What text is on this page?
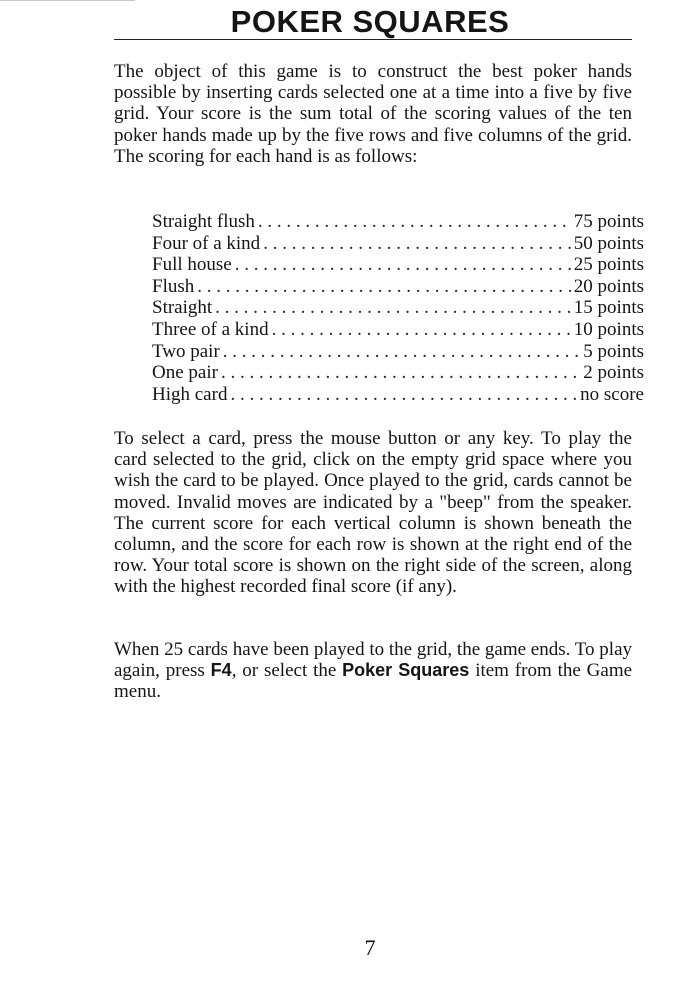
POKER SQUARES

The object of this game is to construct the best poker hands possible by inserting cards selected one at a time into a five by five grid. Your score is the sum total of the scoring values of the ten poker hands made up by the five rows and five columns of the grid. The scoring for each hand is as follows:

Straight flush . . .	75 points
Four of a kind . . .	50 points
Full house . . .	25 points
Flush . . .	20 points
Straight . . .	15 points
Three of a kind . . .	10 points
Two pair . . .	5 points
One pair . . .	2 points
High card . . .	no score

To select a card, press the mouse button or any key. To play the card selected to the grid, click on the empty grid space where you wish the card to be played. Once played to the grid, cards cannot be moved. Invalid moves are indicated by a "beep" from the speaker. The current score for each vertical column is shown beneath the column, and the score for each row is shown at the right end of the row. Your total score is shown on the right side of the screen, along with the highest recorded final score (if any).

When 25 cards have been played to the grid, the game ends. To play again, press F4, or select the Poker Squares item from the Game menu.

7
